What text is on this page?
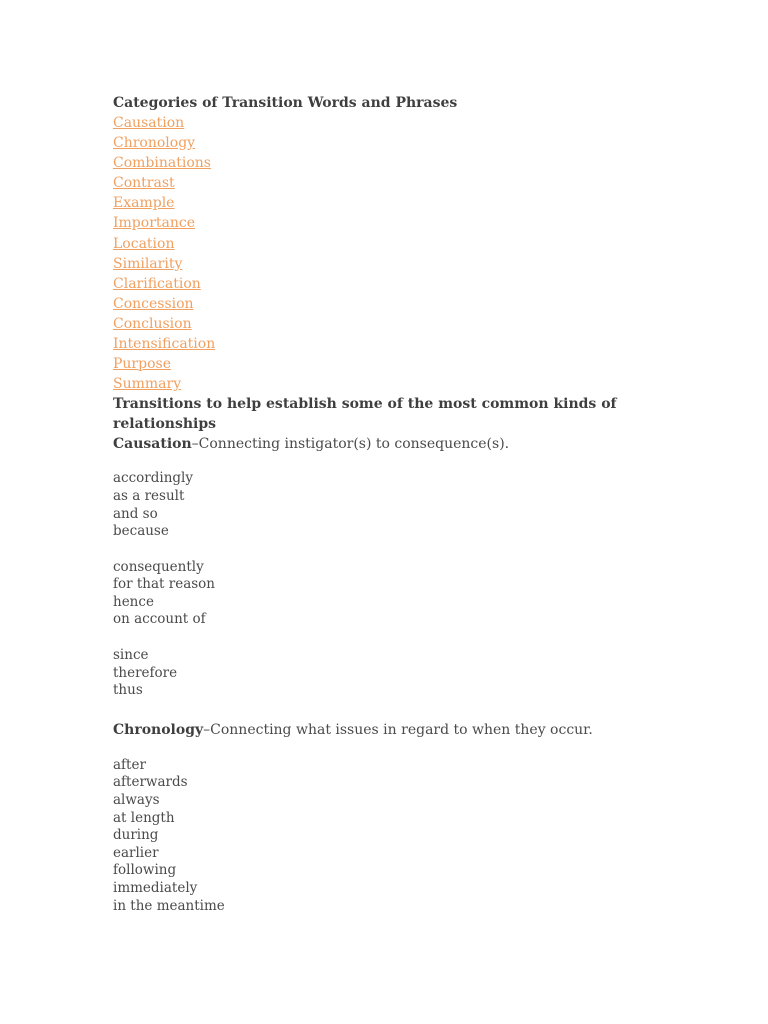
Categories of Transition Words and Phrases

Causation
Chronology
Combinations
Contrast
Example
Importance
Location
Similarity
Clarification
Concession
Conclusion
Intensification
Purpose
Summary

Transitions to help establish some of the most common kinds of relationships

Causation–Connecting instigator(s) to consequence(s).

accordingly
as a result
and so
because
consequently
for that reason
hence
on account of
since
therefore
thus

Chronology–Connecting what issues in regard to when they occur.

after
afterwards
always
at length
during
earlier
following
immediately
in the meantime
